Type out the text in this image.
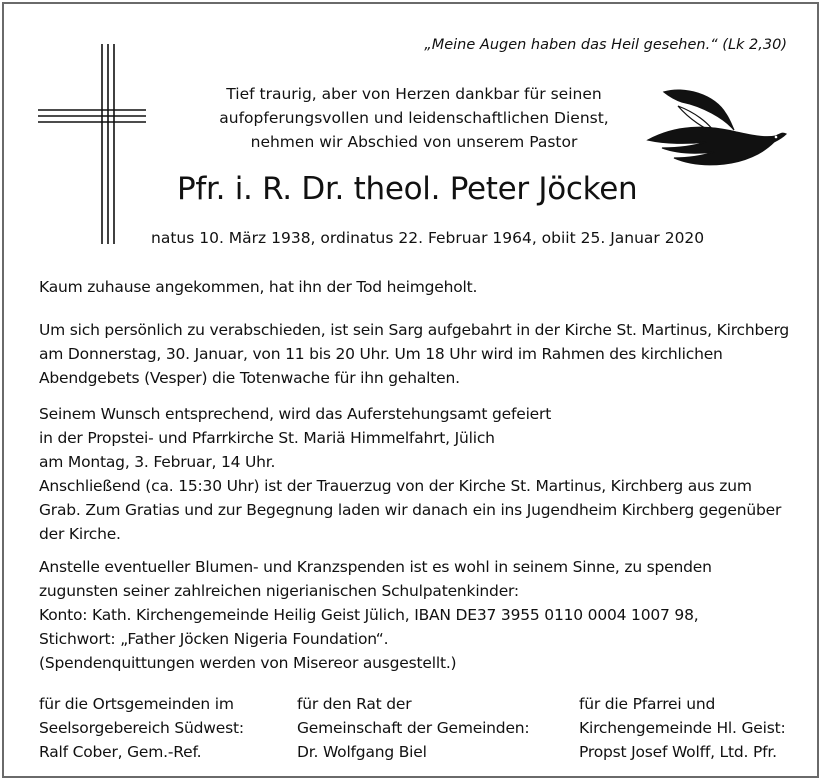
„Meine Augen haben das Heil gesehen.“ (Lk 2,30)
Tief traurig, aber von Herzen dankbar für seinen
aufopferungsvollen und leidenschaftlichen Dienst,
nehmen wir Abschied von unserem Pastor
Pfr. i. R. Dr. theol. Peter Jöcken
natus 10. März 1938, ordinatus 22. Februar 1964, obiit 25. Januar 2020
Kaum zuhause angekommen, hat ihn der Tod heimgeholt.
Um sich persönlich zu verabschieden, ist sein Sarg aufgebahrt in der Kirche St. Martinus, Kirchberg
am Donnerstag, 30. Januar, von 11 bis 20 Uhr. Um 18 Uhr wird im Rahmen des kirchlichen
Abendgebets (Vesper) die Totenwache für ihn gehalten.
Seinem Wunsch entsprechend, wird das Auferstehungsamt gefeiert
in der Propstei- und Pfarrkirche St. Mariä Himmelfahrt, Jülich
am Montag, 3. Februar, 14 Uhr.
Anschließend (ca. 15:30 Uhr) ist der Trauerzug von der Kirche St. Martinus, Kirchberg aus zum
Grab. Zum Gratias und zur Begegnung laden wir danach ein ins Jugendheim Kirchberg gegenüber
der Kirche.
Anstelle eventueller Blumen- und Kranzspenden ist es wohl in seinem Sinne, zu spenden
zugunsten seiner zahlreichen nigerianischen Schulpatenkinder:
Konto: Kath. Kirchengemeinde Heilig Geist Jülich, IBAN DE37 3955 0110 0004 1007 98,
Stichwort: „Father Jöcken Nigeria Foundation“.
(Spendenquittungen werden von Misereor ausgestellt.)
für die Ortsgemeinden im
Seelsorgebereich Südwest:
Ralf Cober, Gem.-Ref.
für den Rat der
Gemeinschaft der Gemeinden:
Dr. Wolfgang Biel
für die Pfarrei und
Kirchengemeinde Hl. Geist:
Propst Josef Wolff, Ltd. Pfr.
